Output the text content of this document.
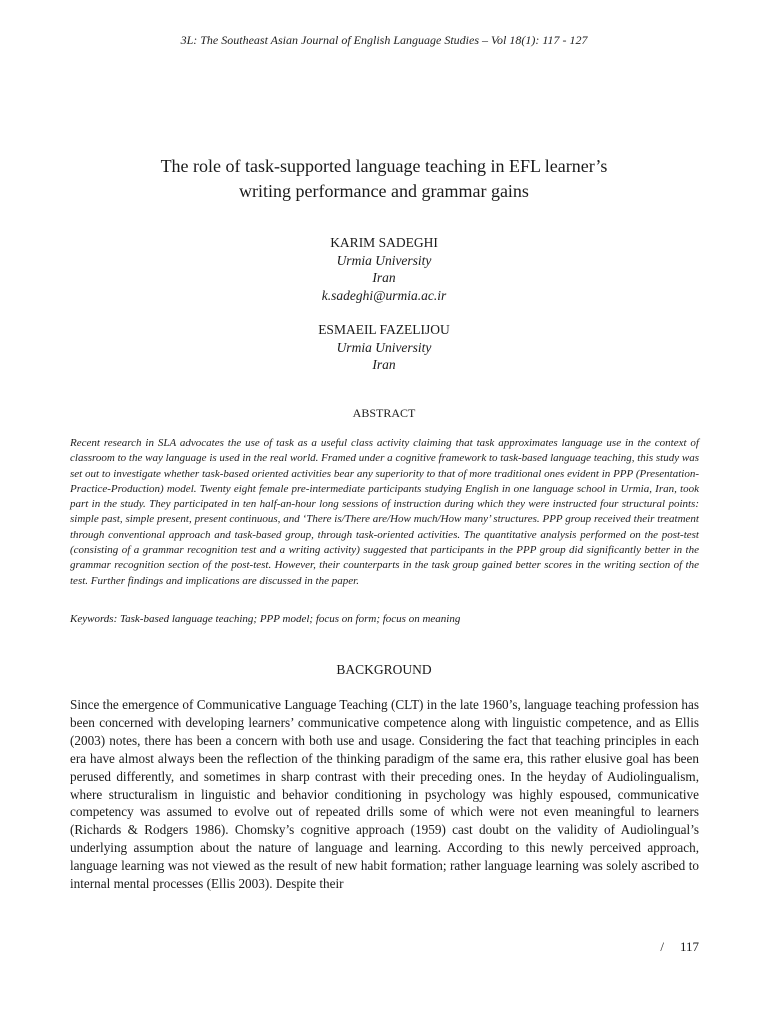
3L: The Southeast Asian Journal of English Language Studies – Vol 18(1): 117 - 127
The role of task-supported language teaching in EFL learner’s
writing performance and grammar gains
KARIM SADEGHI
Urmia University
Iran
k.sadeghi@urmia.ac.ir
ESMAEIL FAZELIJOU
Urmia University
Iran
ABSTRACT
Recent research in SLA advocates the use of task as a useful class activity claiming that task approximates language use in the context of classroom to the way language is used in the real world. Framed under a cognitive framework to task-based language teaching, this study was set out to investigate whether task-based oriented activities bear any superiority to that of more traditional ones evident in PPP (Presentation-Practice-Production) model. Twenty eight female pre-intermediate participants studying English in one language school in Urmia, Iran, took part in the study. They participated in ten half-an-hour long sessions of instruction during which they were instructed four structural points: simple past, simple present, present continuous, and ‘There is/There are/How much/How many’ structures. PPP group received their treatment through conventional approach and task-based group, through task-oriented activities. The quantitative analysis performed on the post-test (consisting of a grammar recognition test and a writing activity) suggested that participants in the PPP group did significantly better in the grammar recognition section of the post-test. However, their counterparts in the task group gained better scores in the writing section of the test. Further findings and implications are discussed in the paper.
Keywords: Task-based language teaching; PPP model; focus on form; focus on meaning
BACKGROUND
Since the emergence of Communicative Language Teaching (CLT) in the late 1960’s, language teaching profession has been concerned with developing learners’ communicative competence along with linguistic competence, and as Ellis (2003) notes, there has been a concern with both use and usage. Considering the fact that teaching principles in each era have almost always been the reflection of the thinking paradigm of the same era, this rather elusive goal has been perused differently, and sometimes in sharp contrast with their preceding ones. In the heyday of Audiolingualism, where structuralism in linguistic and behavior conditioning in psychology was highly espoused, communicative competency was assumed to evolve out of repeated drills some of which were not even meaningful to learners (Richards & Rodgers 1986). Chomsky’s cognitive approach (1959) cast doubt on the validity of Audiolingual’s underlying assumption about the nature of language and learning. According to this newly perceived approach, language learning was not viewed as the result of new habit formation; rather language learning was solely ascribed to internal mental processes (Ellis 2003). Despite their
/ 117
